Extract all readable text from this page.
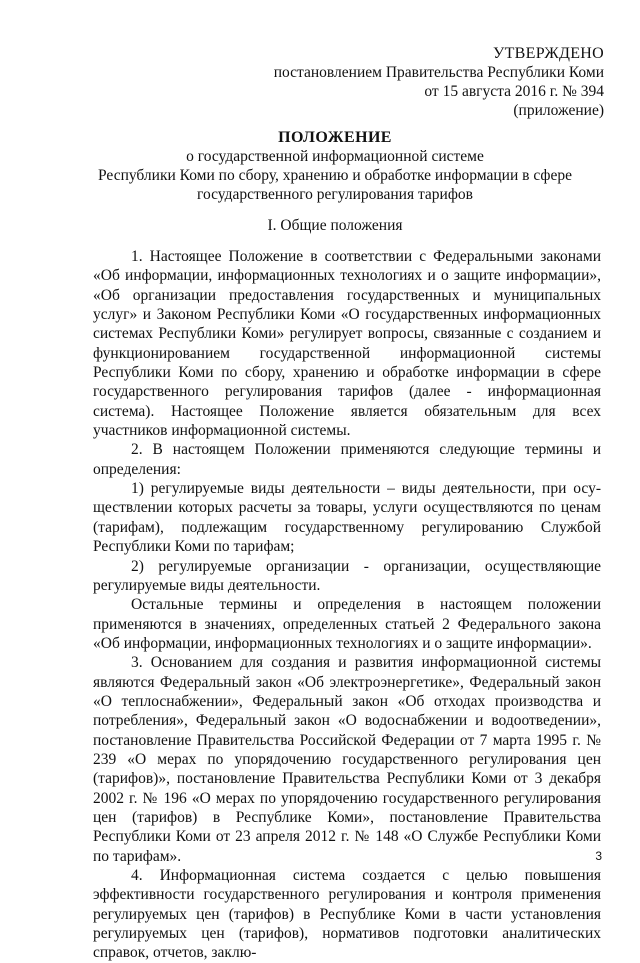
УТВЕРЖДЕНО
постановлением Правительства Республики Коми
от 15 августа 2016 г. № 394
(приложение)
ПОЛОЖЕНИЕ
о государственной информационной системе
Республики Коми по сбору, хранению и обработке информации в сфере
государственного регулирования тарифов
I. Общие положения

1. Настоящее Положение в соответствии с Федеральными законами «Об информации, информационных технологиях и о защите информации», «Об организации предоставления государственных и муниципальных услуг» и Законом Республики Коми «О государственных информационных системах Республики Коми» регулирует вопросы, связанные с созданием и функционированием государственной информационной системы Республики Коми по сбору, хранению и обработке информации в сфере государственного регулирования тарифов (далее - информационная система). Настоящее Положение является обязательным для всех участников информационной системы.

2. В настоящем Положении применяются следующие термины и определения:

1) регулируемые виды деятельности – виды деятельности, при осуществлении которых расчеты за товары, услуги осуществляются по ценам (тарифам), подлежащим государственному регулированию Службой Республики Коми по тарифам;

2) регулируемые организации - организации, осуществляющие регулируемые виды деятельности.

Остальные термины и определения в настоящем положении применяются в значениях, определенных статьей 2 Федерального закона «Об информации, информационных технологиях и о защите информации».

3. Основанием для создания и развития информационной системы являются Федеральный закон «Об электроэнергетике», Федеральный закон «О теплоснабжении», Федеральный закон «Об отходах производства и потребления», Федеральный закон «О водоснабжении и водоотведении», постановление Правительства Российской Федерации от 7 марта 1995 г. № 239 «О мерах по упорядочению государственного регулирования цен (тарифов)», постановление Правительства Республики Коми от 3 декабря 2002 г. № 196 «О мерах по упорядочению государственного регулирования цен (тарифов) в Республике Коми», постановление Правительства Республики Коми от 23 апреля 2012 г. № 148 «О Службе Республики Коми по тарифам».

4. Информационная система создается с целью повышения эффективности государственного регулирования и контроля применения регулируемых цен (тарифов) в Республике Коми в части установления регулируемых цен (тарифов), нормативов подготовки аналитических справок, отчетов, заклю-

3
